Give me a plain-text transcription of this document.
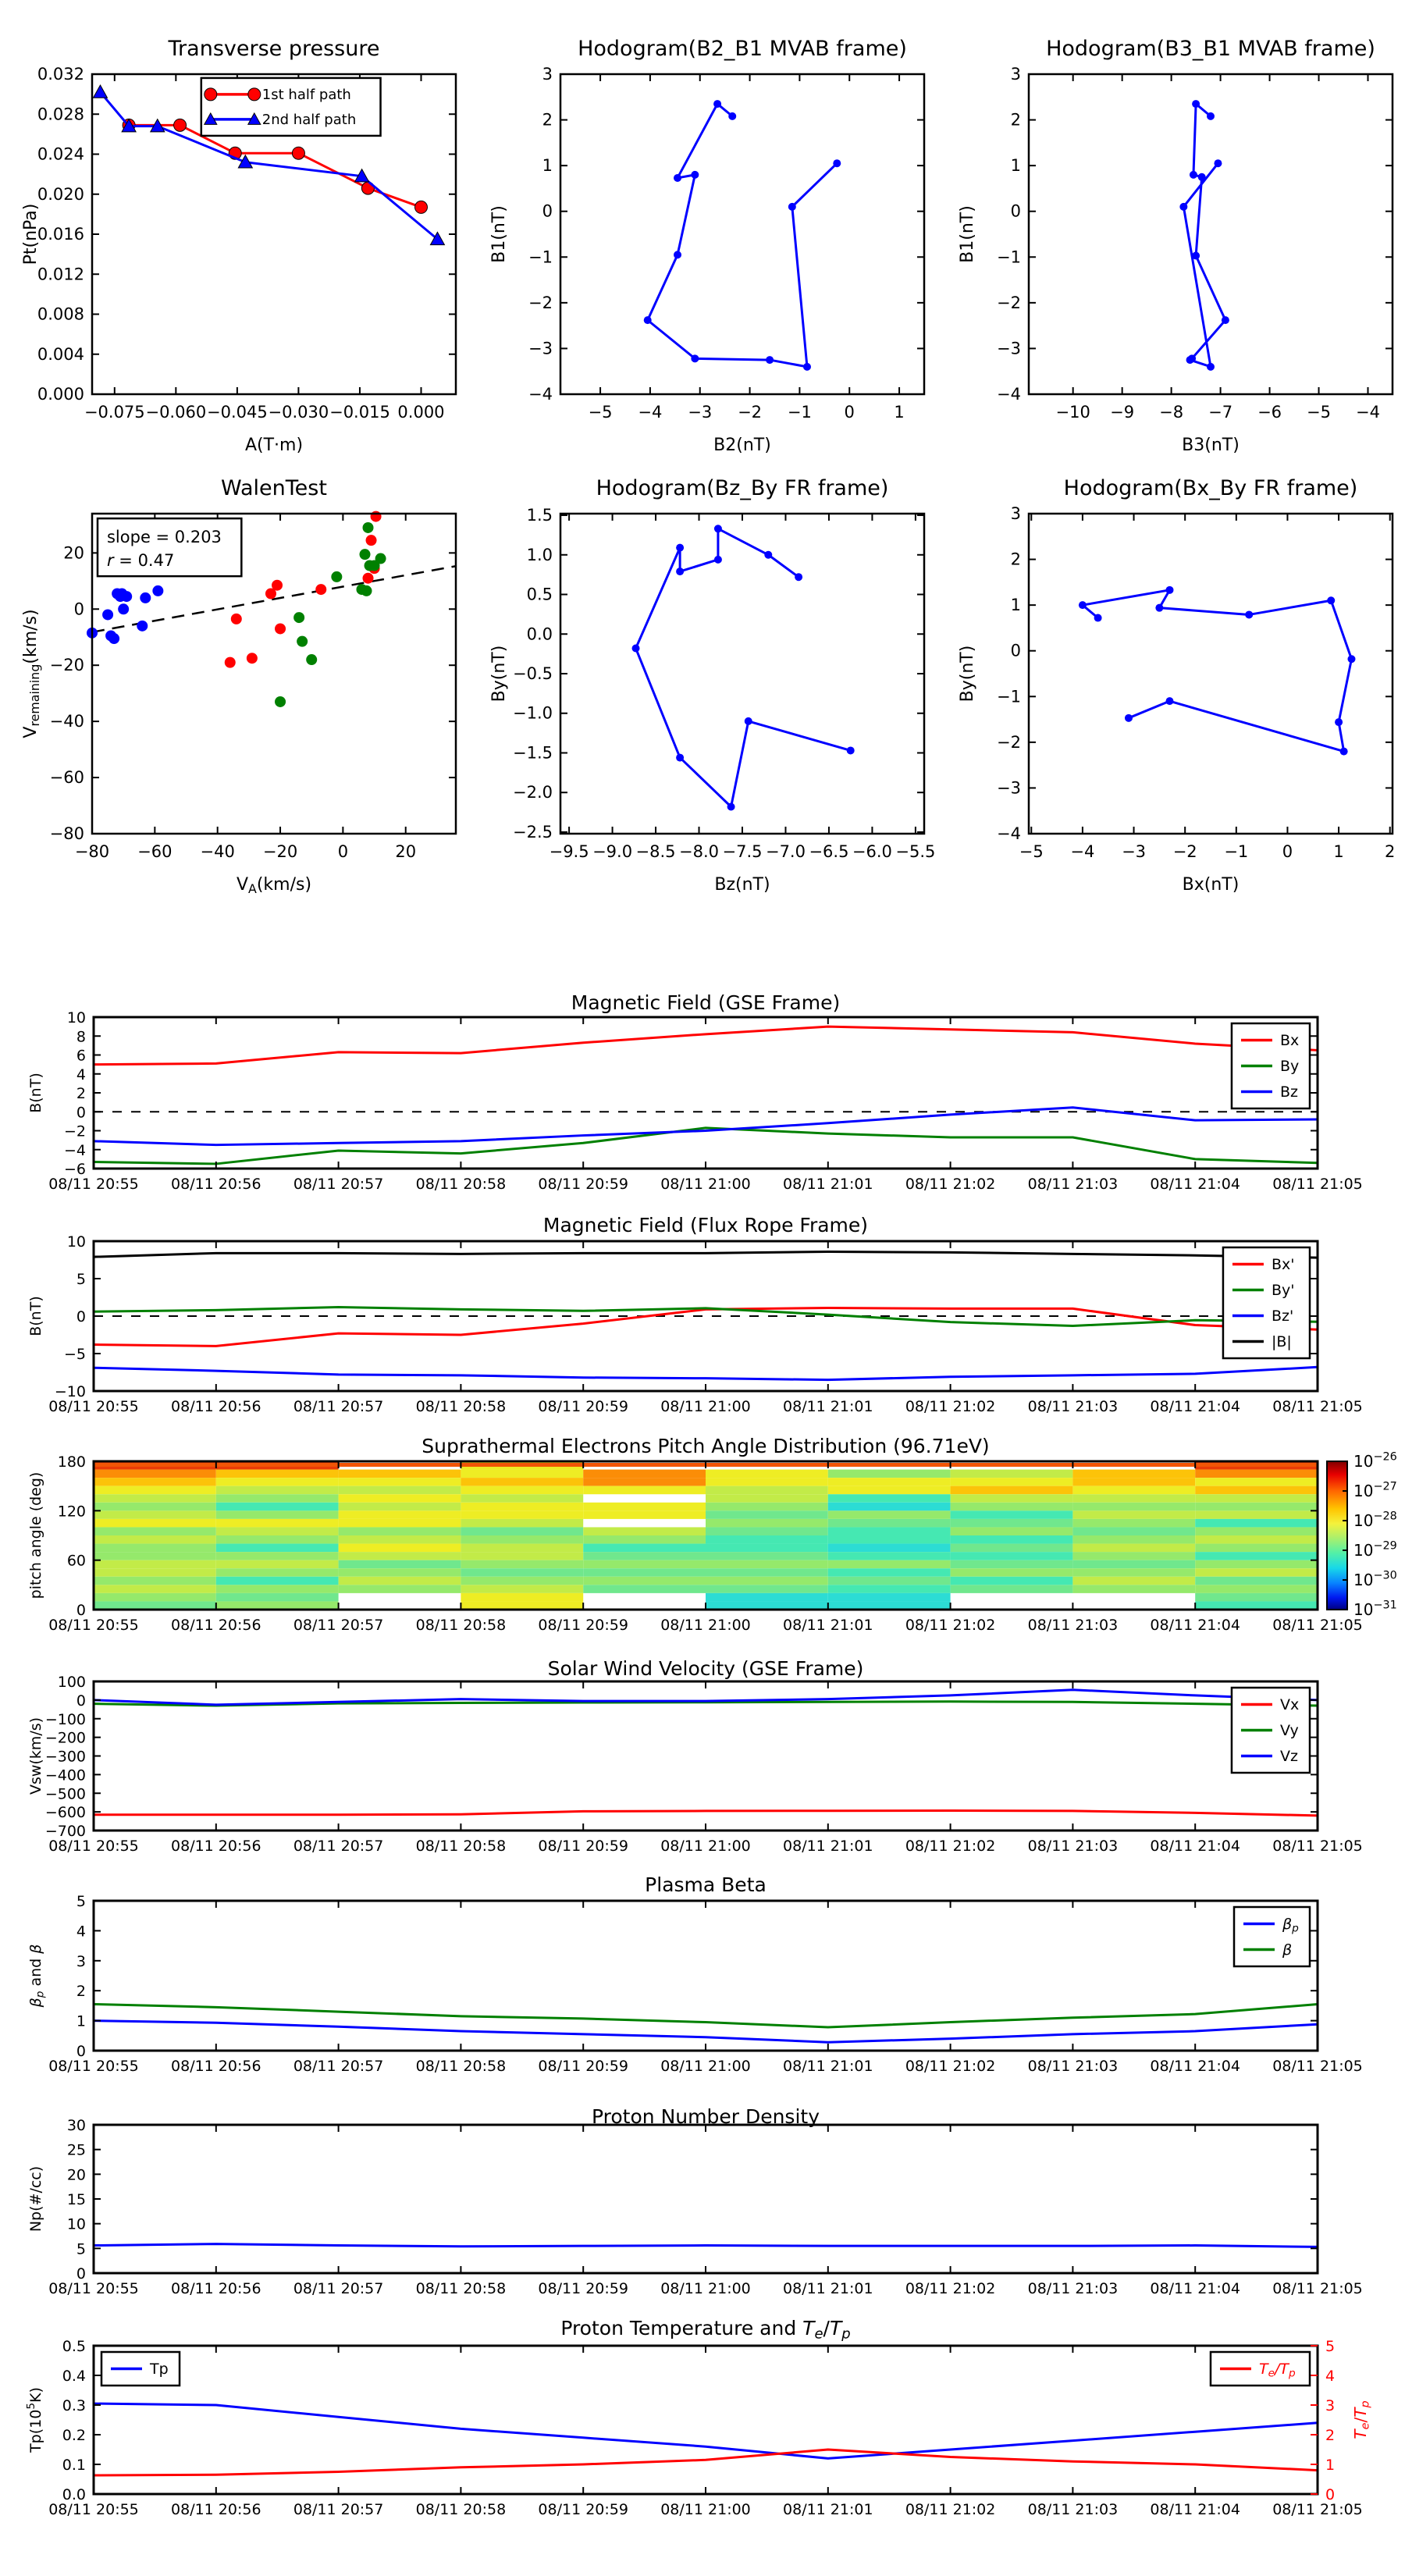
−0.075 −0.060 −0.045 −0.030 −0.015 0.000
0.000
0.004
0.008
0.012
0.016
0.020
0.024
0.028
0.032
A(T·m)
Pt(nPa)
1st half path
2nd half path
−5 −4 −3 −2 −1 0 1
−4
−3
−2
−1
0
1
2
3
B2(nT)
B1(nT)
−10 −9 −8 −7 −6 −5 −4
−4
−3
−2
−1
0
1
2
3
B3(nT)
B1(nT)
−80 −60 −40 −20 0	20
−80
−60
−40
−20
0
20
VA(km/s)
Vremaining(km/s)
slope = 0.203
r = 0.47
−9.5 −9.0 −8.5 −8.0 −7.5 −7.0 −6.5 −6.0 −5.5
−2.5
−2.0
−1.5
−1.0
−0.5
0.0
0.5
1.0
1.5
Bz(nT)
By(nT)
−5 −4 −3 −2 −1 0 1 2
−4
−3
−2
−1
0
1
2
3
Bx(nT)
By(nT)
08/11 20:55 08/11 20:56 08/11 20:57 08/11 20:58 08/11 20:59 08/11 21:00 08/11 21:01 08/11 21:02 08/11 21:03 08/11 21:04 08/11 21:05
−6
−4
−2
0
2
4
6
8
10
B(nT)
Bx
By
Bz
08/11 20:55 08/11 20:56 08/11 20:57 08/11 20:58 08/11 20:59 08/11 21:00 08/11 21:01 08/11 21:02 08/11 21:03 08/11 21:04 08/11 21:05
−10
−5
0
5
10
B(nT)
Bx'
By'
Bz'
|B|
08/11 20:55 08/11 20:56 08/11 20:57 08/11 20:58 08/11 20:59 08/11 21:00 08/11 21:01 08/11 21:02 08/11 21:03 08/11 21:04 08/11 21:05
0
60
120
180
pitch angle (deg)
$10^{-26}$
$10^{-27}$
$10^{-28}$
$10^{-29}$
$10^{-30}$
$10^{-31}$
08/11 20:55 08/11 20:56 08/11 20:57 08/11 20:58 08/11 20:59 08/11 21:00 08/11 21:01 08/11 21:02 08/11 21:03 08/11 21:04 08/11 21:05
−700
−600
−500
−400
−300
−200
−100
0
100
Vsw(km/s)
Vx
Vy
Vz
08/11 20:55 08/11 20:56 08/11 20:57 08/11 20:58 08/11 20:59 08/11 21:00 08/11 21:01 08/11 21:02 08/11 21:03 08/11 21:04 08/11 21:05
0
1
2
3
4
5
βp and β
βp
β
08/11 20:55 08/11 20:56 08/11 20:57 08/11 20:58 08/11 20:59 08/11 21:00 08/11 21:01 08/11 21:02 08/11 21:03 08/11 21:04 08/11 21:05
0
5
10
15
20
25
30
Np(#/cc)
08/11 20:55 08/11 20:56 08/11 20:57 08/11 20:58 08/11 20:59 08/11 21:00 08/11 21:01 08/11 21:02 08/11 21:03 08/11 21:04 08/11 21:05
0.0
0.1
0.2
0.3
0.4
0.5
0
1
2
3
4
5
Te/Tp
$Tp(10^5K)$
Proton Temperature and Te/Tp
Tp	Te/Tp
Transverse pressure	Hodogram(B2_B1 MVAB frame)	Hodogram(B3_B1 MVAB frame)
WalenTest	Hodogram(Bz_By FR frame)	Hodogram(Bx_By FR frame)
Magnetic Field (GSE Frame)
Magnetic Field (Flux Rope Frame)
Suprathermal Electrons Pitch Angle Distribution (96.71eV)
Solar Wind Velocity (GSE Frame)
Plasma Beta
Proton Number Density
